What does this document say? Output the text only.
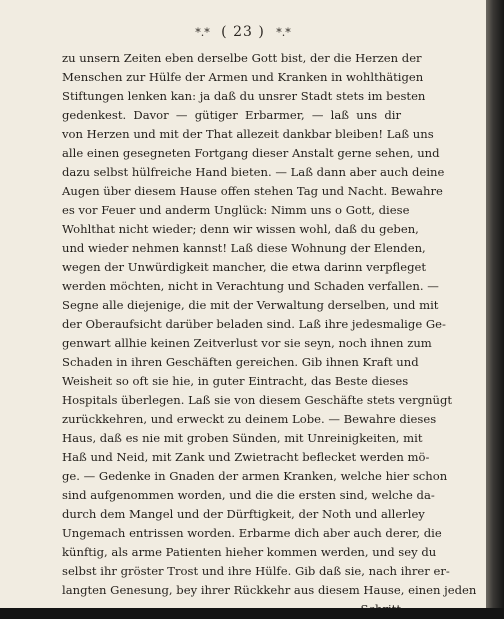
*.* ( 23 ) *.*
zu unsern Zeiten eben derselbe Gott bist, der die Herzen der
Menschen zur Hülfe der Armen und Kranken in wohlthätigen
Stiftungen lenken kan: ja daß du unsrer Stadt stets im besten
gedenkest. Davor — gütiger Erbarmer, — laß uns dir
von Herzen und mit der That allezeit dankbar bleiben! Laß uns
alle einen gesegneten Fortgang dieser Anstalt gerne sehen, und
dazu selbst hülfreiche Hand bieten. — Laß dann aber auch deine
Augen über diesem Hause offen stehen Tag und Nacht. Bewahre
es vor Feuer und anderm Unglück: Nimm uns o Gott, diese
Wohlthat nicht wieder; denn wir wissen wohl, daß du geben,
und wieder nehmen kannst! Laß diese Wohnung der Elenden,
wegen der Unwürdigkeit mancher, die etwa darinn verpfleget
werden möchten, nicht in Verachtung und Schaden verfallen. —
Segne alle diejenige, die mit der Verwaltung derselben, und mit
der Oberaufsicht darüber beladen sind. Laß ihre jedesmalige Ge-
genwart allhie keinen Zeitverlust vor sie seyn, noch ihnen zum
Schaden in ihren Geschäften gereichen. Gib ihnen Kraft und
Weisheit so oft sie hie, in guter Eintracht, das Beste dieses
Hospitals überlegen. Laß sie von diesem Geschäfte stets vergnügt
zurückkehren, und erweckt zu deinem Lobe. — Bewahre dieses
Haus, daß es nie mit groben Sünden, mit Unreinigkeiten, mit
Haß und Neid, mit Zank und Zwietracht beflecket werden mö-
ge. — Gedenke in Gnaden der armen Kranken, welche hier schon
sind aufgenommen worden, und die die ersten sind, welche da-
durch dem Mangel und der Dürftigkeit, der Noth und allerley
Ungemach entrissen worden. Erbarme dich aber auch derer, die
künftig, als arme Patienten hieher kommen werden, und sey du
selbst ihr gröster Trost und ihre Hülfe. Gib daß sie, nach ihrer er-
langten Genesung, bey ihrer Rückkehr aus diesem Hause, einen jeden
